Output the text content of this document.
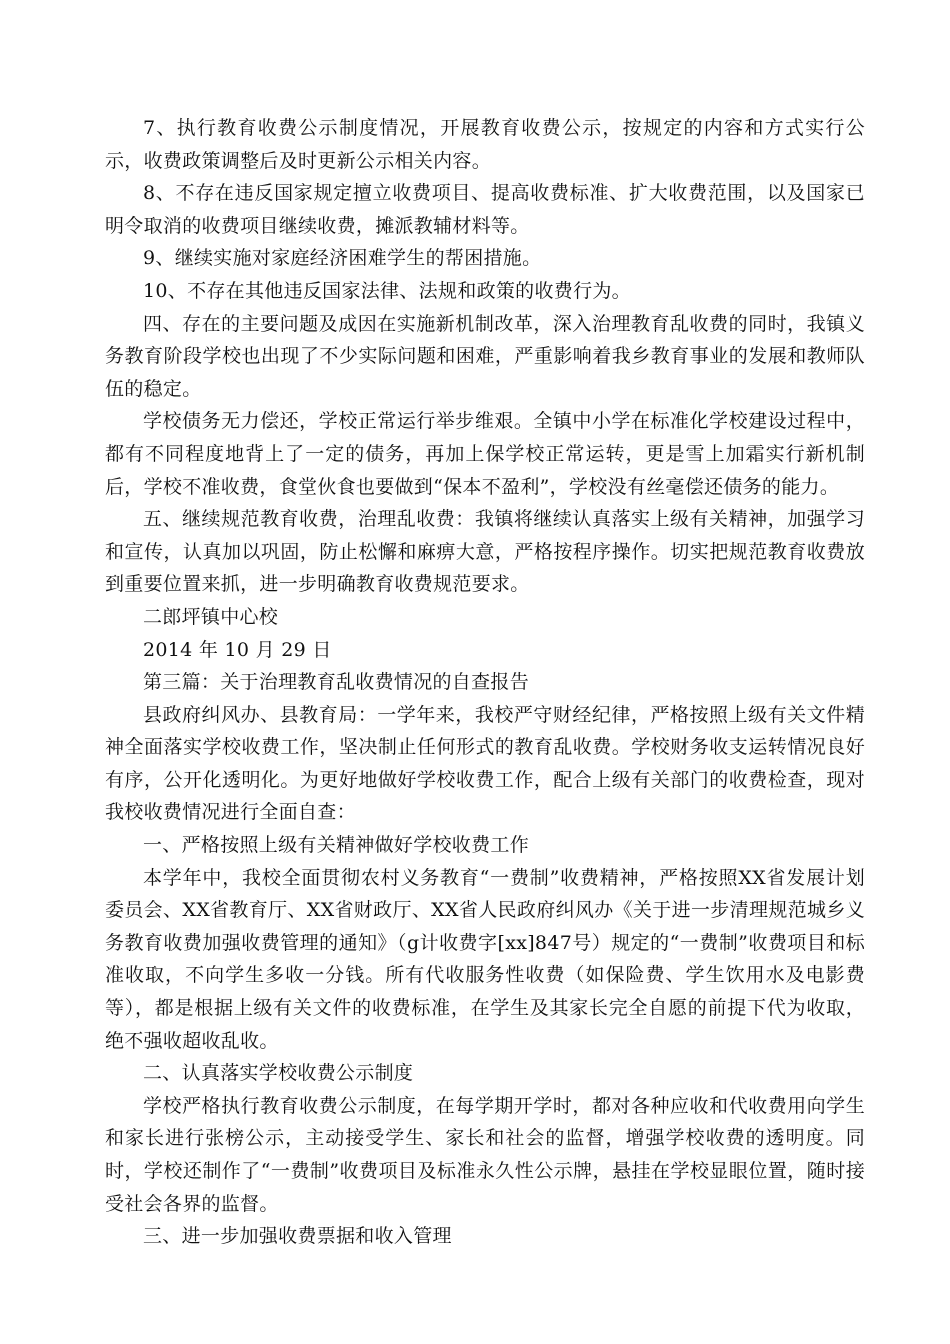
7、执行教育收费公示制度情况，开展教育收费公示，按规定的内容和方式实行公示，收费政策调整后及时更新公示相关内容。

8、不存在违反国家规定擅立收费项目、提高收费标准、扩大收费范围，以及国家已明令取消的收费项目继续收费，摊派教辅材料等。

9、继续实施对家庭经济困难学生的帮困措施。

10、不存在其他违反国家法律、法规和政策的收费行为。

四、存在的主要问题及成因在实施新机制改革，深入治理教育乱收费的同时，我镇义务教育阶段学校也出现了不少实际问题和困难，严重影响着我乡教育事业的发展和教师队伍的稳定。

学校债务无力偿还，学校正常运行举步维艰。全镇中小学在标准化学校建设过程中，都有不同程度地背上了一定的债务，再加上保学校正常运转，更是雪上加霜实行新机制后，学校不准收费，食堂伙食也要做到“保本不盈利”，学校没有丝毫偿还债务的能力。

五、继续规范教育收费，治理乱收费：我镇将继续认真落实上级有关精神，加强学习和宣传，认真加以巩固，防止松懈和麻痹大意，严格按程序操作。切实把规范教育收费放到重要位置来抓，进一步明确教育收费规范要求。

二郎坪镇中心校

2014 年 10 月 29 日

第三篇：关于治理教育乱收费情况的自查报告

县政府纠风办、县教育局：一学年来，我校严守财经纪律，严格按照上级有关文件精神全面落实学校收费工作，坚决制止任何形式的教育乱收费。学校财务收支运转情况良好有序，公开化透明化。为更好地做好学校收费工作，配合上级有关部门的收费检查，现对我校收费情况进行全面自查：

一、严格按照上级有关精神做好学校收费工作

本学年中，我校全面贯彻农村义务教育“一费制”收费精神，严格按照XX省发展计划委员会、XX省教育厅、XX省财政厅、XX省人民政府纠风办《关于进一步清理规范城乡义务教育收费加强收费管理的通知》（g计收费字[xx]847号）规定的“一费制”收费项目和标准收取，不向学生多收一分钱。所有代收服务性收费（如保险费、学生饮用水及电影费等），都是根据上级有关文件的收费标准，在学生及其家长完全自愿的前提下代为收取，绝不强收超收乱收。

二、认真落实学校收费公示制度

学校严格执行教育收费公示制度，在每学期开学时，都对各种应收和代收费用向学生和家长进行张榜公示，主动接受学生、家长和社会的监督，增强学校收费的透明度。同时，学校还制作了“一费制”收费项目及标准永久性公示牌，悬挂在学校显眼位置，随时接受社会各界的监督。

三、进一步加强收费票据和收入管理
